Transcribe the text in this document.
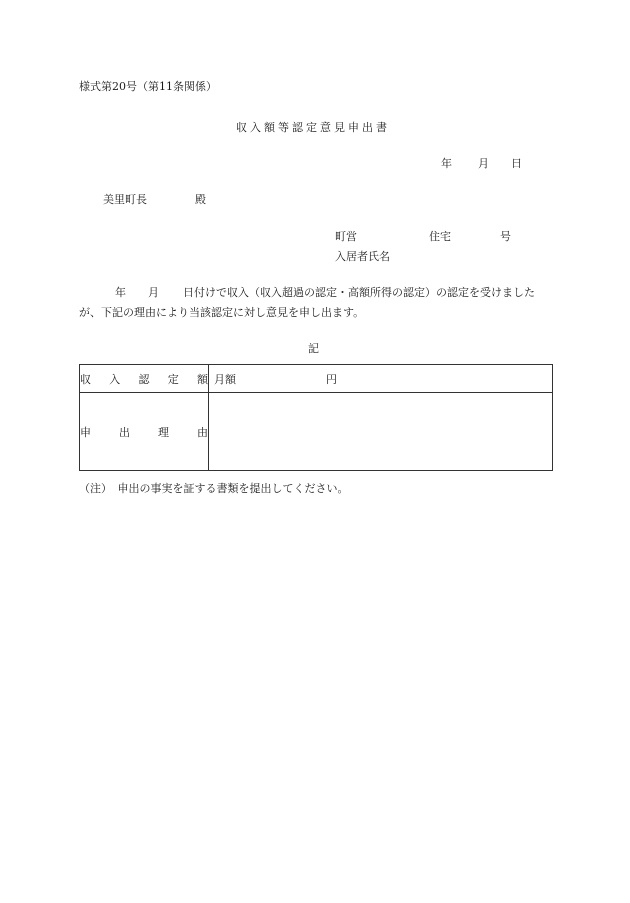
様式第20号（第11条関係）
収入額等認定意見申出書
年 月 日
美里町長	殿
町営	住宅	号
入居者氏名
年 月 日付けで収入（収入超過の認定・高額所得の認定）の認定を受けました
が、下記の理由により当該認定に対し意見を申し出ます。
記
収 入 認 定 額	月額 円

申 出 理 由	

（注）　申出の事実を証する書類を提出してください。
